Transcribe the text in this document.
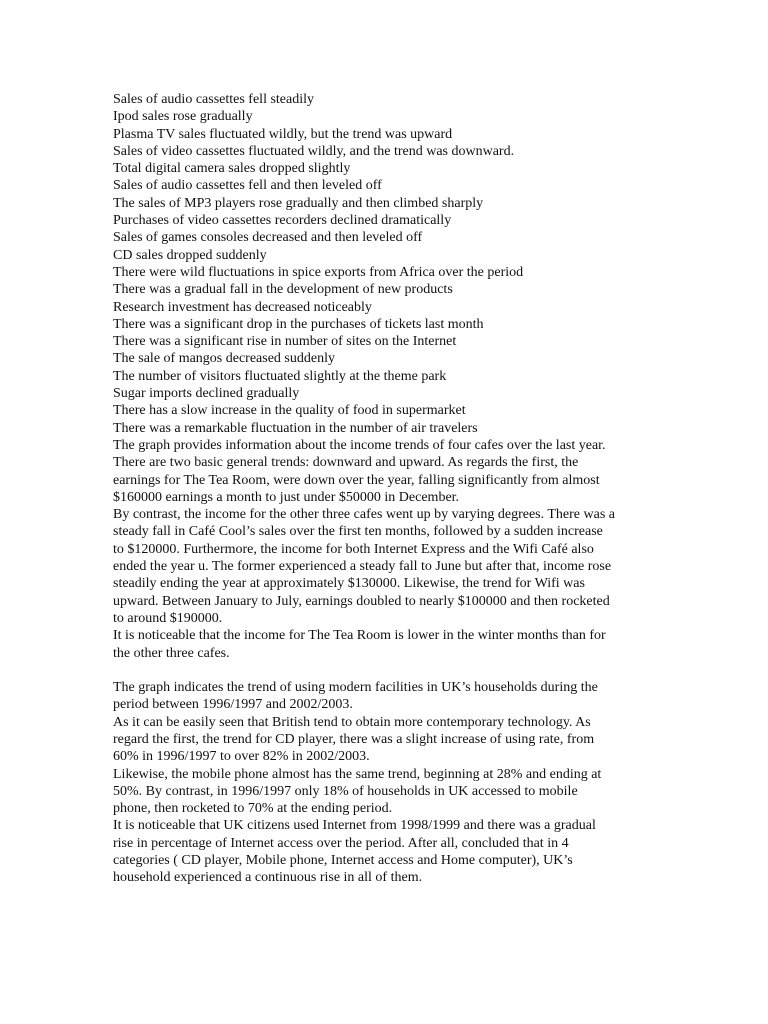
Sales of audio cassettes fell steadily
Ipod sales rose gradually
Plasma TV sales fluctuated wildly, but the trend was upward
Sales of video cassettes fluctuated wildly, and the trend was downward.
Total digital camera sales dropped slightly
Sales of audio cassettes fell and then leveled off
The sales of MP3 players rose gradually and then climbed sharply
Purchases of video cassettes recorders declined dramatically
Sales of games consoles decreased and then leveled off
CD sales dropped suddenly
There were wild fluctuations in spice exports from Africa over the period
There was a gradual fall in the development of new products
Research investment has decreased noticeably
There was a significant drop in the purchases of tickets last month
There was a significant rise in number of sites on the Internet
The sale of mangos decreased suddenly
The number of visitors fluctuated slightly at the theme park
Sugar imports declined gradually
There has a slow increase in the quality of food in supermarket
There was a remarkable fluctuation in the number of air travelers
The graph provides information about the income trends of four cafes over the last year.
There are two basic general trends: downward and upward. As regards the first, the
earnings for The Tea Room, were down over the year, falling significantly from almost
$160000 earnings a month to just under $50000 in December.
By contrast, the income for the other three cafes went up by varying degrees. There was a
steady fall in Café Cool’s sales over the first ten months, followed by a sudden increase
to $120000. Furthermore, the income for both Internet Express and the Wifi Café also
ended the year u. The former experienced a steady fall to June but after that, income rose
steadily ending the year at approximately $130000. Likewise, the trend for Wifi was
upward. Between January to July, earnings doubled to nearly $100000 and then rocketed
to around $190000.
It is noticeable that the income for The Tea Room is lower in the winter months than for
the other three cafes.
The graph indicates the trend of using modern facilities in UK’s households during the
period between 1996/1997 and 2002/2003.
As it can be easily seen that British tend to obtain more contemporary technology. As
regard the first, the trend for CD player, there was a slight increase of using rate, from
60% in 1996/1997 to over 82% in 2002/2003.
Likewise, the mobile phone almost has the same trend, beginning at 28% and ending at
50%. By contrast, in 1996/1997 only 18% of households in UK accessed to mobile
phone, then rocketed to 70% at the ending period.
It is noticeable that UK citizens used Internet from 1998/1999 and there was a gradual
rise in percentage of Internet access over the period. After all, concluded that in 4
categories ( CD player, Mobile phone, Internet access and Home computer), UK’s
household experienced a continuous rise in all of them.
